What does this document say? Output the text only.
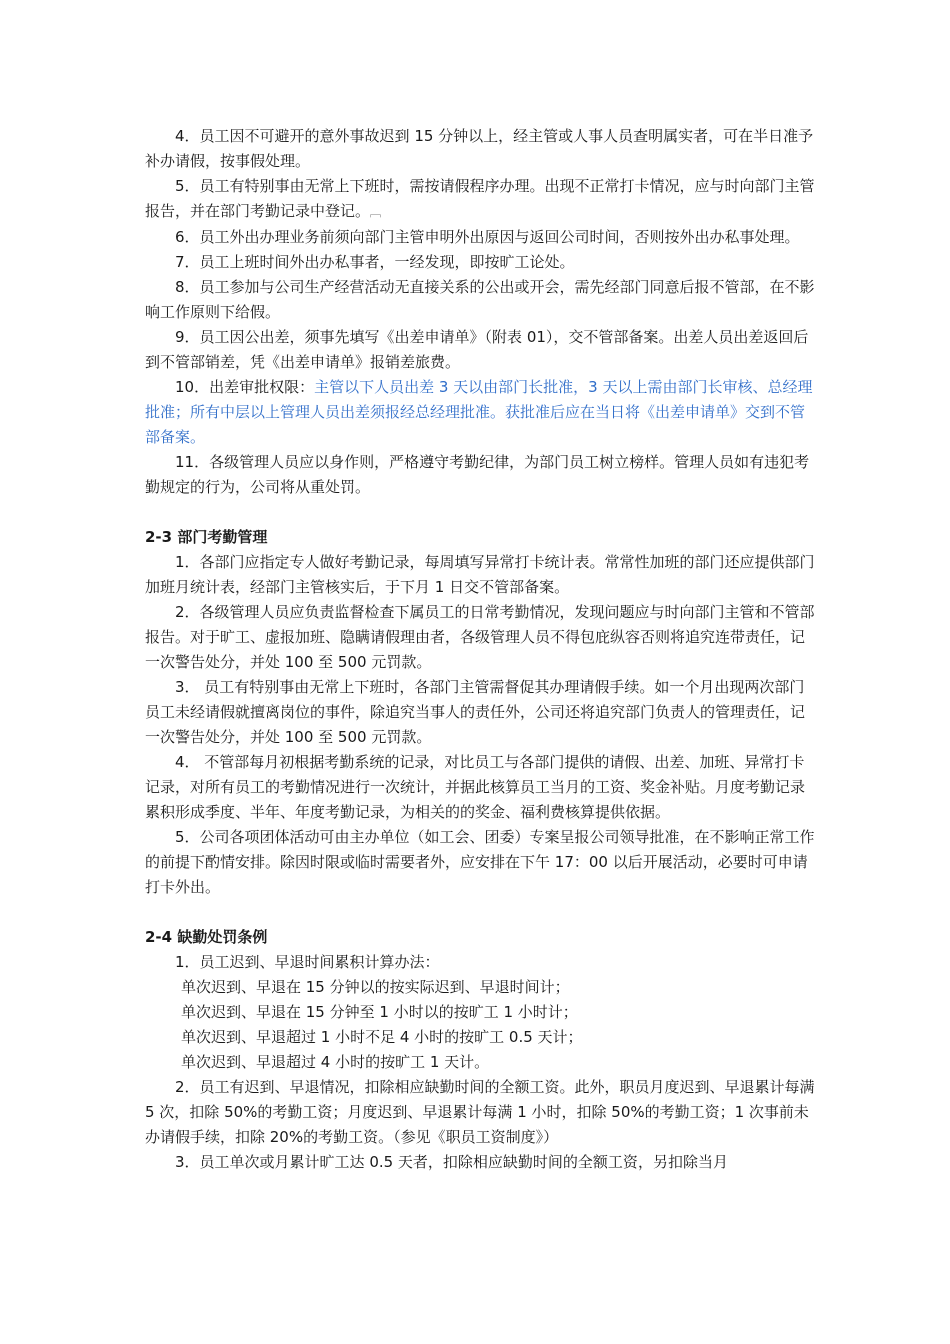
4．员工因不可避开的意外事故迟到 15 分钟以上，经主管或人事人员查明属实者，可在半日准予补办请假，按事假处理。

5．员工有特别事由无常上下班时，需按请假程序办理。出现不正常打卡情况，应与时向部门主管报告，并在部门考勤记录中登记。﹇

6．员工外出办理业务前须向部门主管申明外出原因与返回公司时间，否则按外出办私事处理。

7．员工上班时间外出办私事者，一经发现，即按旷工论处。

8．员工参加与公司生产经营活动无直接关系的公出或开会，需先经部门同意后报不管部，在不影响工作原则下给假。

9．员工因公出差，须事先填写《出差申请单》（附表 01），交不管部备案。出差人员出差返回后到不管部销差，凭《出差申请单》报销差旅费。

10．出差审批权限：主管以下人员出差 3 天以由部门长批准，3 天以上需由部门长审核、总经理批准；所有中层以上管理人员出差须报经总经理批准。获批准后应在当日将《出差申请单》交到不管部备案。

11．各级管理人员应以身作则，严格遵守考勤纪律，为部门员工树立榜样。管理人员如有违犯考勤规定的行为，公司将从重处罚。

2-3 部门考勤管理

1．各部门应指定专人做好考勤记录，每周填写异常打卡统计表。常常性加班的部门还应提供部门加班月统计表，经部门主管核实后，于下月 1 日交不管部备案。

2．各级管理人员应负责监督检查下属员工的日常考勤情况，发现问题应与时向部门主管和不管部报告。对于旷工、虚报加班、隐瞒请假理由者，各级管理人员不得包庇纵容否则将追究连带责任，记一次警告处分，并处 100 至 500 元罚款。

3． 员工有特别事由无常上下班时，各部门主管需督促其办理请假手续。如一个月出现两次部门员工未经请假就擅离岗位的事件，除追究当事人的责任外，公司还将追究部门负责人的管理责任，记一次警告处分，并处 100 至 500 元罚款。

4． 不管部每月初根据考勤系统的记录，对比员工与各部门提供的请假、出差、加班、异常打卡记录，对所有员工的考勤情况进行一次统计，并据此核算员工当月的工资、奖金补贴。月度考勤记录累积形成季度、半年、年度考勤记录，为相关的的奖金、福利费核算提供依据。

5．公司各项团体活动可由主办单位（如工会、团委）专案呈报公司领导批准，在不影响正常工作的前提下酌情安排。除因时限或临时需要者外，应安排在下午 17：00 以后开展活动，必要时可申请打卡外出。

2-4 缺勤处罚条例

1．员工迟到、早退时间累积计算办法：

单次迟到、早退在 15 分钟以的按实际迟到、早退时间计；

单次迟到、早退在 15 分钟至 1 小时以的按旷工 1 小时计；

单次迟到、早退超过 1 小时不足 4 小时的按旷工 0.5 天计；

单次迟到、早退超过 4 小时的按旷工 1 天计。

2．员工有迟到、早退情况，扣除相应缺勤时间的全额工资。此外，职员月度迟到、早退累计每满 5 次，扣除 50%的考勤工资；月度迟到、早退累计每满 1 小时，扣除 50%的考勤工资；1 次事前未办请假手续，扣除 20%的考勤工资。（参见《职员工资制度》）

3．员工单次或月累计旷工达 0.5 天者，扣除相应缺勤时间的全额工资，另扣除当月
